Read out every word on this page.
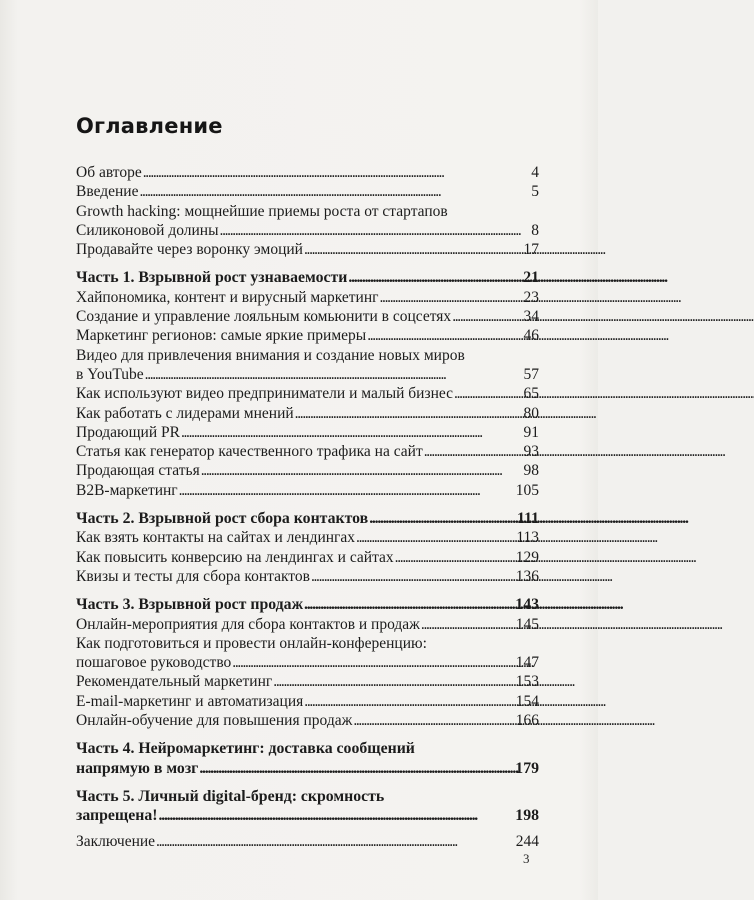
Оглавление
Об авторе . . .	4
Введение . . .	5
Growth hacking: мощнейшие приемы роста от стартапов
Силиконовой долины . . .	8
Продавайте через воронку эмоций . . .	17
Часть 1. Взрывной рост узнаваемости . . .	21
Хайпономика, контент и вирусный маркетинг . . .	23
Создание и управление лояльным комьюнити в соцсетях . . .	34
Маркетинг регионов: самые яркие примеры . . .	46
Видео для привлечения внимания и создание новых миров
в YouTube . . .	57
Как используют видео предприниматели и малый бизнес . . .	65
Как работать с лидерами мнений . . .	80
Продающий PR . . .	91
Статья как генератор качественного трафика на сайт . . .	93
Продающая статья . . .	98
B2B-маркетинг . . .	105
Часть 2. Взрывной рост сбора контактов . . .	111
Как взять контакты на сайтах и лендингах . . .	113
Как повысить конверсию на лендингах и сайтах . . .	129
Квизы и тесты для сбора контактов . . .	136
Часть 3. Взрывной рост продаж . . .	143
Онлайн-мероприятия для сбора контактов и продаж . . .	145
Как подготовиться и провести онлайн-конференцию:
пошаговое руководство . . .	147
Рекомендательный маркетинг . . .	153
E-mail-маркетинг и автоматизация . . .	154
Онлайн-обучение для повышения продаж . . .	166
Часть 4. Нейромаркетинг: доставка сообщений
напрямую в мозг . . .	179
Часть 5. Личный digital-бренд: скромность
запрещена! . . .	198
Заключение . . .	244
3
